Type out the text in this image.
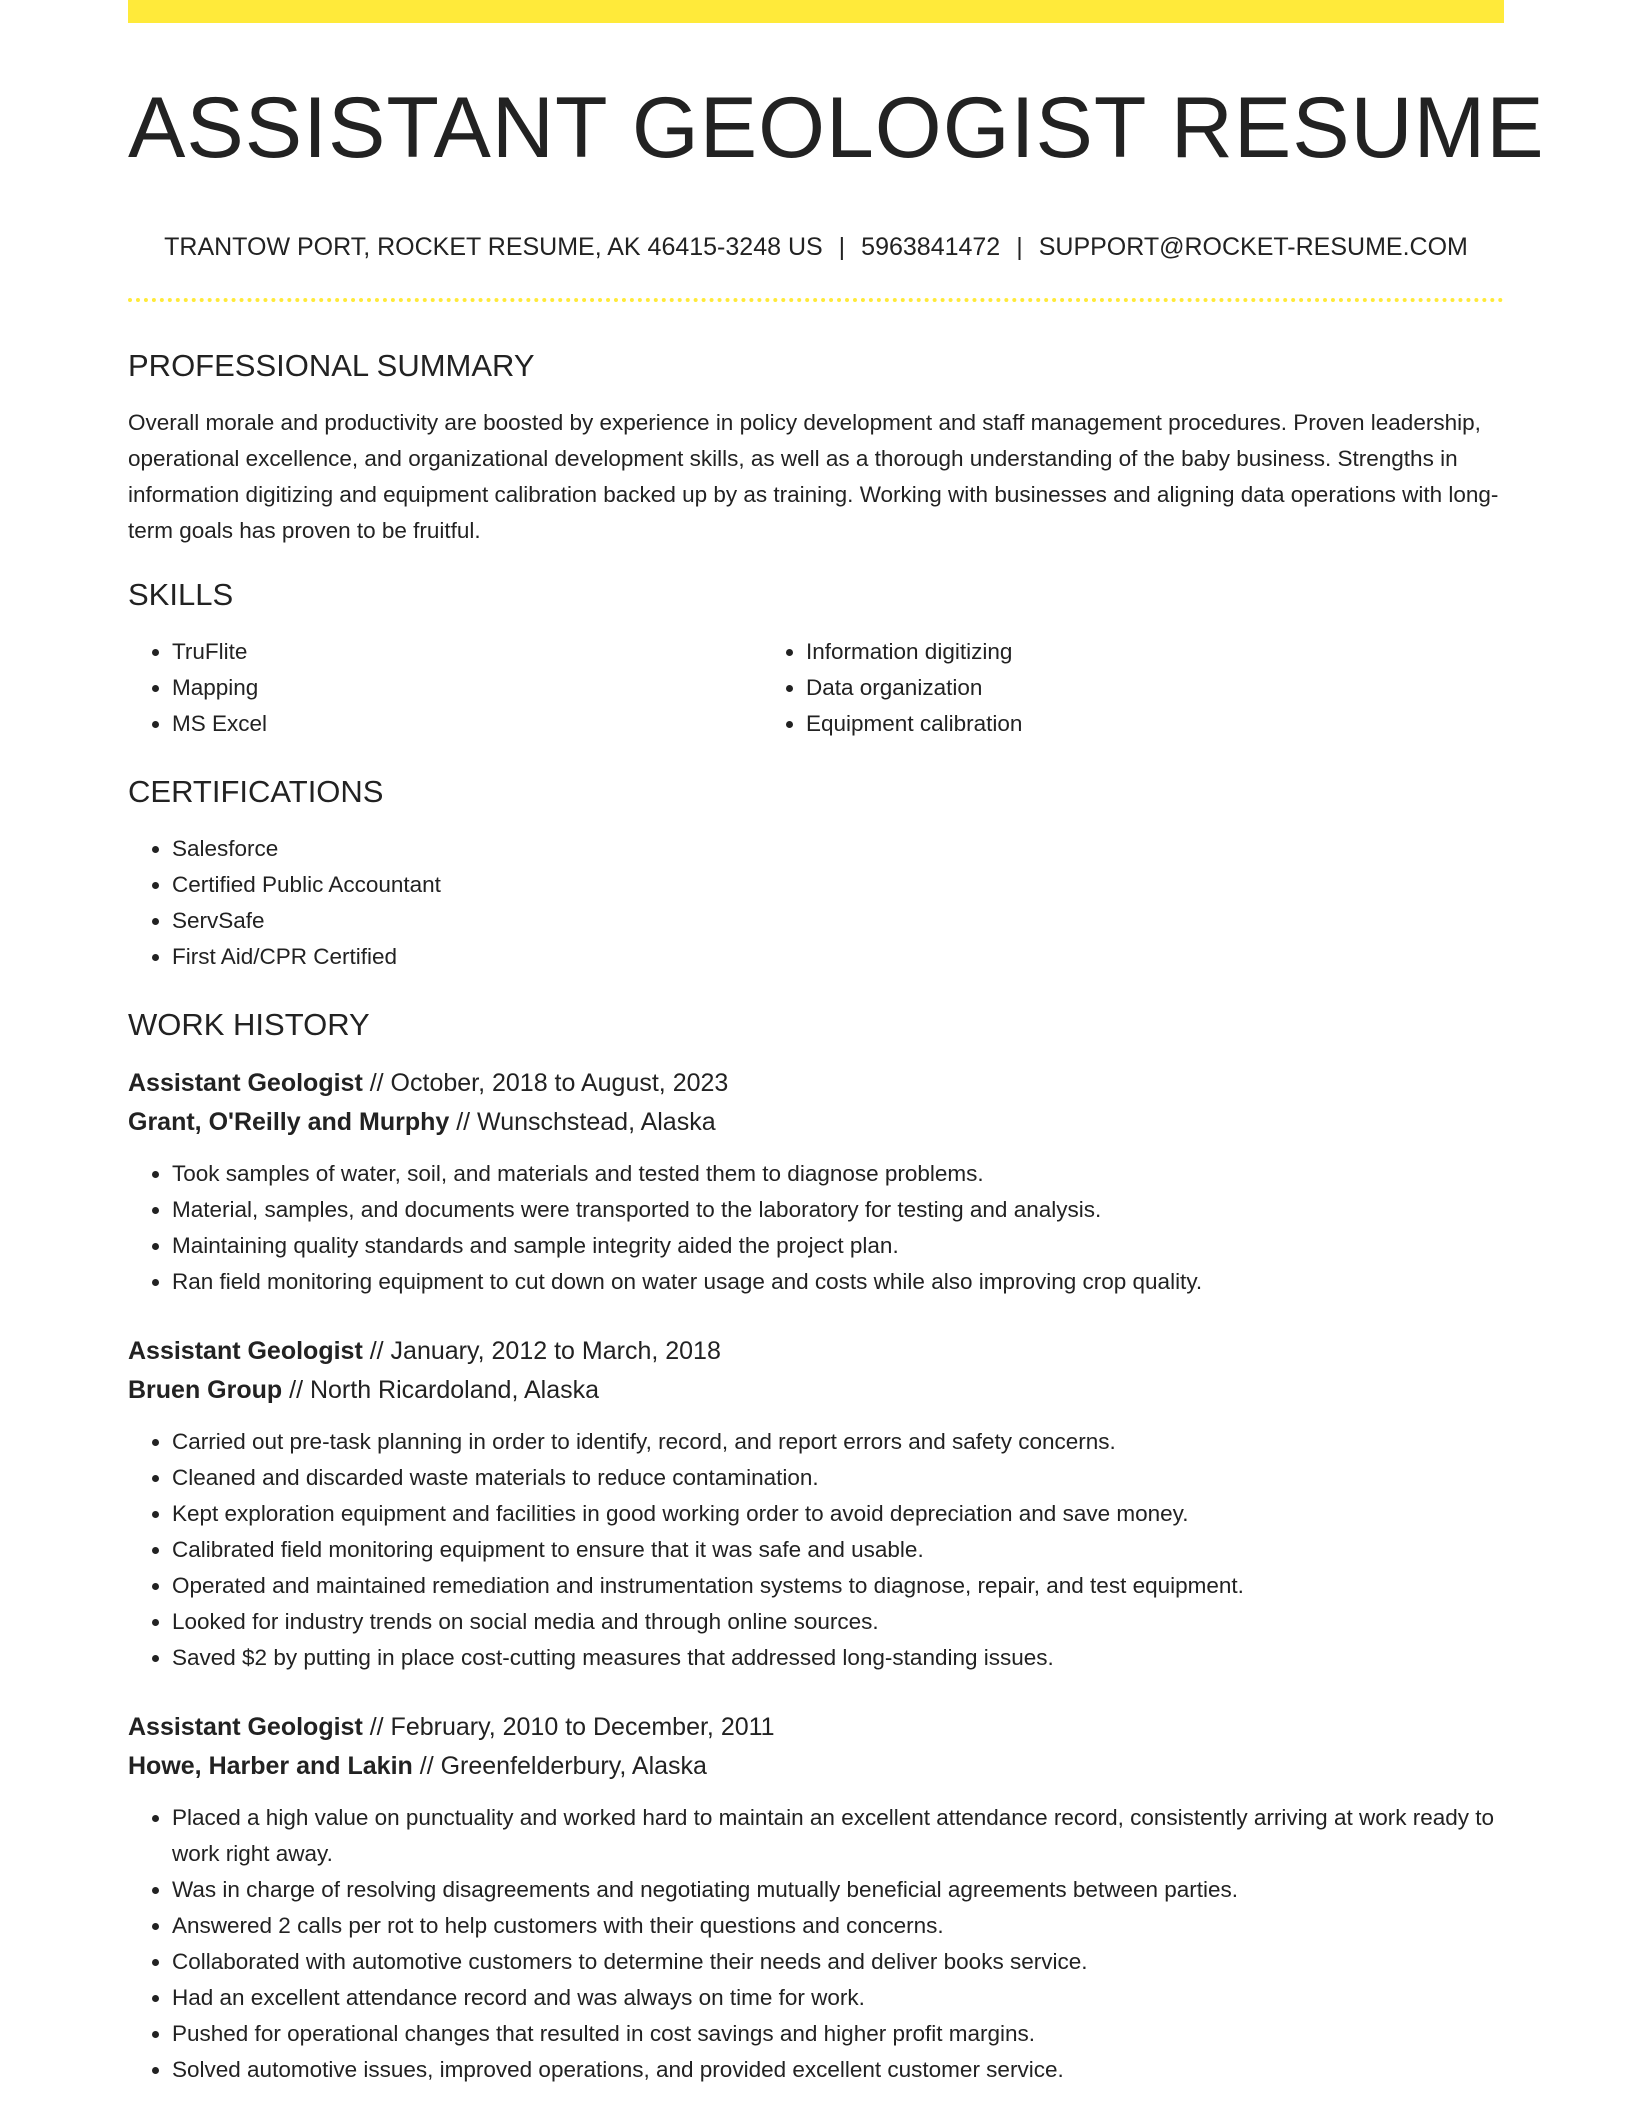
ASSISTANT GEOLOGIST RESUME
TRANTOW PORT, ROCKET RESUME, AK 46415-3248 US | 5963841472 | SUPPORT@ROCKET-RESUME.COM
PROFESSIONAL SUMMARY

Overall morale and productivity are boosted by experience in policy development and staff management procedures. Proven leadership, operational excellence, and organizational development skills, as well as a thorough understanding of the baby business. Strengths in information digitizing and equipment calibration backed up by as training. Working with businesses and aligning data operations with long-term goals has proven to be fruitful.

SKILLS
• TruFlite
• Mapping
• MS Excel
• Information digitizing
• Data organization
• Equipment calibration
CERTIFICATIONS
• Salesforce
• Certified Public Accountant
• ServSafe
• First Aid/CPR Certified
WORK HISTORY
Assistant Geologist // October, 2018 to August, 2023
Grant, O'Reilly and Murphy // Wunschstead, Alaska
• Took samples of water, soil, and materials and tested them to diagnose problems.
• Material, samples, and documents were transported to the laboratory for testing and analysis.
• Maintaining quality standards and sample integrity aided the project plan.
• Ran field monitoring equipment to cut down on water usage and costs while also improving crop quality.
Assistant Geologist // January, 2012 to March, 2018
Bruen Group // North Ricardoland, Alaska
• Carried out pre-task planning in order to identify, record, and report errors and safety concerns.
• Cleaned and discarded waste materials to reduce contamination.
• Kept exploration equipment and facilities in good working order to avoid depreciation and save money.
• Calibrated field monitoring equipment to ensure that it was safe and usable.
• Operated and maintained remediation and instrumentation systems to diagnose, repair, and test equipment.
• Looked for industry trends on social media and through online sources.
• Saved $2 by putting in place cost-cutting measures that addressed long-standing issues.
Assistant Geologist // February, 2010 to December, 2011
Howe, Harber and Lakin // Greenfelderbury, Alaska
• Placed a high value on punctuality and worked hard to maintain an excellent attendance record, consistently arriving at work ready to work right away.
• Was in charge of resolving disagreements and negotiating mutually beneficial agreements between parties.
• Answered 2 calls per rot to help customers with their questions and concerns.
• Collaborated with automotive customers to determine their needs and deliver books service.
• Had an excellent attendance record and was always on time for work.
• Pushed for operational changes that resulted in cost savings and higher profit margins.
• Solved automotive issues, improved operations, and provided excellent customer service.
